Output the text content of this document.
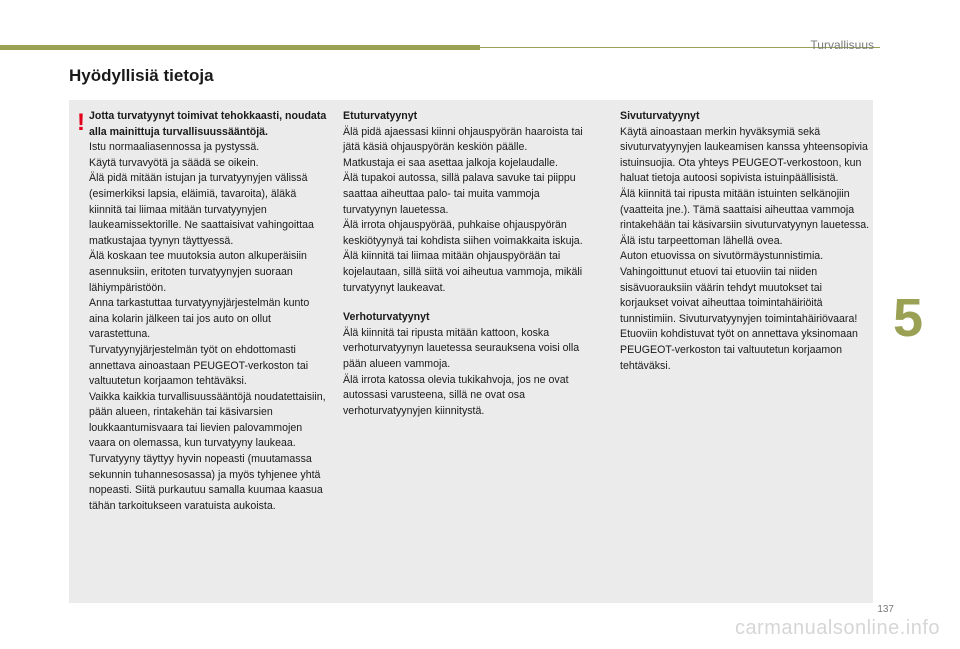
Turvallisuus
Hyödyllisiä tietoja
! Jotta turvatyynyt toimivat tehokkaasti, noudata alla mainittuja turvallisuussääntöjä.

Istu normaaliasennossa ja pystyssä.

Käytä turvavyötä ja säädä se oikein.

Älä pidä mitään istujan ja turvatyynyjen välissä (esimerkiksi lapsia, eläimiä, tavaroita), äläkä kiinnitä tai liimaa mitään turvatyynyjen laukeamissektorille. Ne saattaisivat vahingoittaa matkustajaa tyynyn täyttyessä.

Älä koskaan tee muutoksia auton alkuperäisiin asennuksiin, eritoten turvatyynyjen suoraan lähiympäristöön.

Anna tarkastuttaa turvatyynyjärjestelmän kunto aina kolarin jälkeen tai jos auto on ollut varastettuna.

Turvatyynyjärjestelmän työt on ehdottomasti annettava ainoastaan PEUGEOT-verkoston tai valtuutetun korjaamon tehtäväksi.

Vaikka kaikkia turvallisuussääntöjä noudatettaisiin, pään alueen, rintakehän tai käsivarsien loukkaantumisvaara tai lievien palovammojen vaara on olemassa, kun turvatyyny laukeaa. Turvatyyny täyttyy hyvin nopeasti (muutamassa sekunnin tuhannesosassa) ja myös tyhjenee yhtä nopeasti. Siitä purkautuu samalla kuumaa kaasua tähän tarkoitukseen varatuista aukoista.

Etuturvatyynyt

Älä pidä ajaessasi kiinni ohjauspyörän haaroista tai jätä käsiä ohjauspyörän keskiön päälle.

Matkustaja ei saa asettaa jalkoja kojelaudalle.

Älä tupakoi autossa, sillä palava savuke tai piippu saattaa aiheuttaa palo- tai muita vammoja turvatyynyn lauetessa.

Älä irrota ohjauspyörää, puhkaise ohjauspyörän keskiötyynyä tai kohdista siihen voimakkaita iskuja.

Älä kiinnitä tai liimaa mitään ohjauspyörään tai kojelautaan, sillä siitä voi aiheutua vammoja, mikäli turvatyynyt laukeavat.

Verhoturvatyynyt

Älä kiinnitä tai ripusta mitään kattoon, koska verhoturvatyynyn lauetessa seurauksena voisi olla pään alueen vammoja.

Älä irrota katossa olevia tukikahvoja, jos ne ovat autossasi varusteena, sillä ne ovat osa verhoturvatyynyjen kiinnitystä.

Sivuturvatyynyt

Käytä ainoastaan merkin hyväksymiä sekä sivuturvatyynyjen laukeamisen kanssa yhteensopivia istuinsuojia. Ota yhteys PEUGEOT-verkostoon, kun haluat tietoja autoosi sopivista istuinpäällisistä.

Älä kiinnitä tai ripusta mitään istuinten selkänojiin (vaatteita jne.). Tämä saattaisi aiheuttaa vammoja rintakehään tai käsivarsiin sivuturvatyynyn lauetessa.

Älä istu tarpeettoman lähellä ovea.

Auton etuovissa on sivutörmäystunnistimia. Vahingoittunut etuovi tai etuoviin tai niiden sisävuorauksiin väärin tehdyt muutokset tai korjaukset voivat aiheuttaa toimintahäiriöitä tunnistimiin. Sivuturvatyynyjen toimintahäiriövaara!

Etuoviin kohdistuvat työt on annettava yksinomaan PEUGEOT-verkoston tai valtuutetun korjaamon tehtäväksi.

5
137
carmanualsonline.info
